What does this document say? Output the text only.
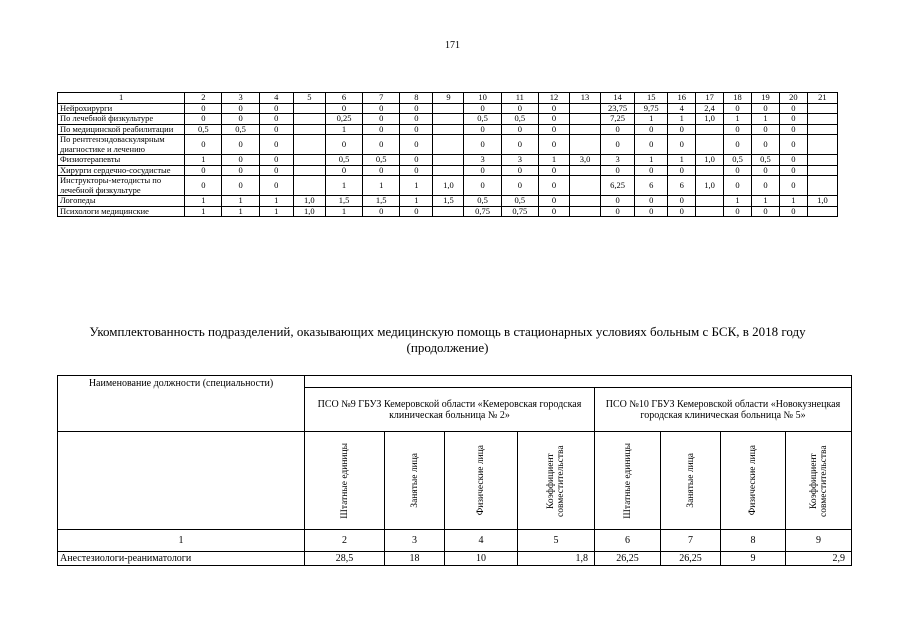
171
1	2	3	4	5	6	7	8	9	10	11	12	13	14	15	16	17	18	19	20	21
Нейрохирурги	0	0	0		0	0	0		0	0	0		23,75	9,75	4	2,4	0	0	0	
По лечебной физкультуре	0	0	0		0,25	0	0		0,5	0,5	0		7,25	1	1	1,0	1	1	0	
По медицинской реабилитации	0,5	0,5	0		1	0	0		0	0	0		0	0	0		0	0	0	
По рентгенэндоваскулярным диагностике и лечению	0	0	0		0	0	0		0	0	0		0	0	0		0	0	0	
Физиотерапевты	1	0	0		0,5	0,5	0		3	3	1	3,0	3	1	1	1,0	0,5	0,5	0	
Хирурги сердечно-сосудистые	0	0	0		0	0	0		0	0	0		0	0	0		0	0	0	
Инструкторы-методисты по лечебной физкультуре	0	0	0		1	1	1	1,0	0	0	0		6,25	6	6	1,0	0	0	0	
Логопеды	1	1	1	1,0	1,5	1,5	1	1,5	0,5	0,5	0		0	0	0		1	1	1	1,0
Психологи медицинские	1	1	1	1,0	1	0	0		0,75	0,75	0		0	0	0		0	0	0	
Укомплектованность подразделений, оказывающих медицинскую помощь в стационарных условиях больным с БСК, в 2018 году (продолжение)
Наименование должности (специальности)								
	ПСО №9 ГБУЗ Кемеровской области «Кемеровская городская клиническая больница № 2»				ПСО №10 ГБУЗ Кемеровской области «Новокузнецкая городская клиническая больница № 5»			

	Штатные единицы	Занятые лица	Физические лица	Коэффициент совместительства	Штатные единицы	Занятые лица	Физические лица	Коэффициент совместительства

1	2	3	4	5	6	7	8	9
Анестезиологи-реаниматологи	28,5	18	10	1,8	26,25	26,25	9	2,9
